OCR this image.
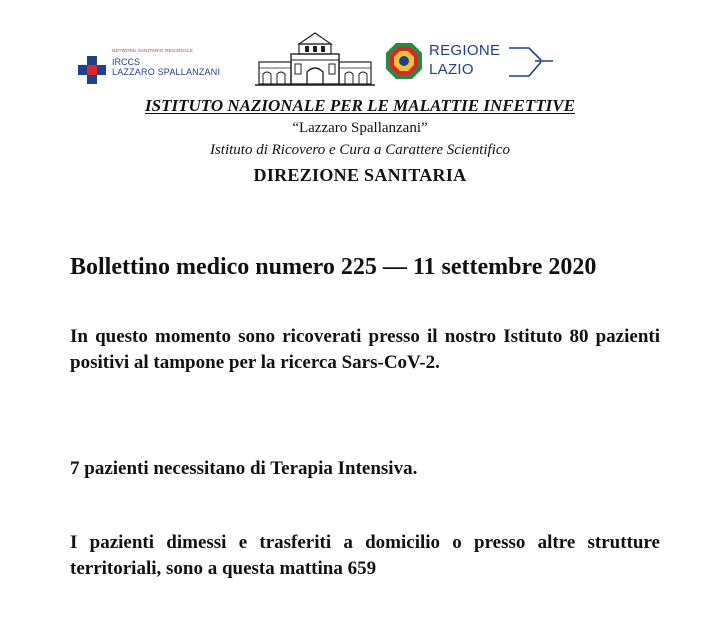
NETWORK SANITARIO REGIONALE
IRCCS
LAZZARO SPALLANZANI
REGIONE
LAZIO
ISTITUTO NAZIONALE PER LE MALATTIE INFETTIVE
“Lazzaro Spallanzani”
Istituto di Ricovero e Cura a Carattere Scientifico
DIREZIONE SANITARIA
Bollettino medico numero 225 — 11 settembre 2020
In questo momento sono ricoverati presso il nostro Istituto 80 pazienti positivi al tampone per la ricerca Sars-CoV-2.
7 pazienti necessitano di Terapia Intensiva.
I pazienti dimessi e trasferiti a domicilio o presso altre strutture territoriali, sono a questa mattina 659
